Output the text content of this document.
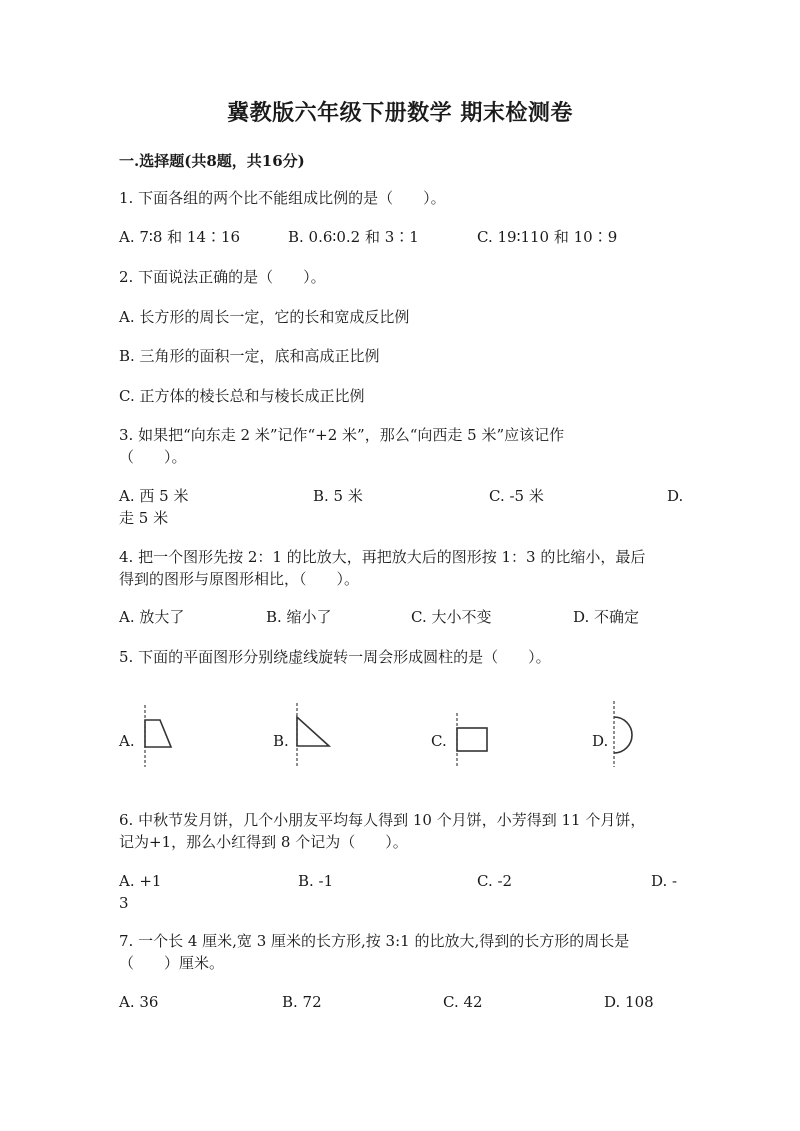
冀教版六年级下册数学 期末检测卷
一.选择题(共8题，共16分)
1. 下面各组的两个比不能组成比例的是（　　）。
A. 7∶8 和 14∶16	B. 0.6∶0.2 和 3∶1	C. 19∶110 和 10∶9
2. 下面说法正确的是（　　）。
A. 长方形的周长一定，它的长和宽成反比例
B. 三角形的面积一定，底和高成正比例
C. 正方体的棱长总和与棱长成正比例
3. 如果把“向东走 2 米”记作“+2 米”，那么“向西走 5 米”应该记作
（　　）。
A. 西 5 米	B. 5 米	C. -5 米	D.
走 5 米
4. 把一个图形先按 2：1 的比放大，再把放大后的图形按 1：3 的比缩小，最后
得到的图形与原图形相比，（　　）。
A. 放大了	B. 缩小了	C. 大小不变	D. 不确定
5. 下面的平面图形分别绕虚线旋转一周会形成圆柱的是（　　）。
A.	B.	C.	D.
6. 中秋节发月饼，几个小朋友平均每人得到 10 个月饼，小芳得到 11 个月饼，
记为+1，那么小红得到 8 个记为（　　）。
A. +1	B. -1	C. -2	D. -
3
7. 一个长 4 厘米,宽 3 厘米的长方形,按 3:1 的比放大,得到的长方形的周长是
（　　）厘米。
A. 36	B. 72	C. 42	D. 108
